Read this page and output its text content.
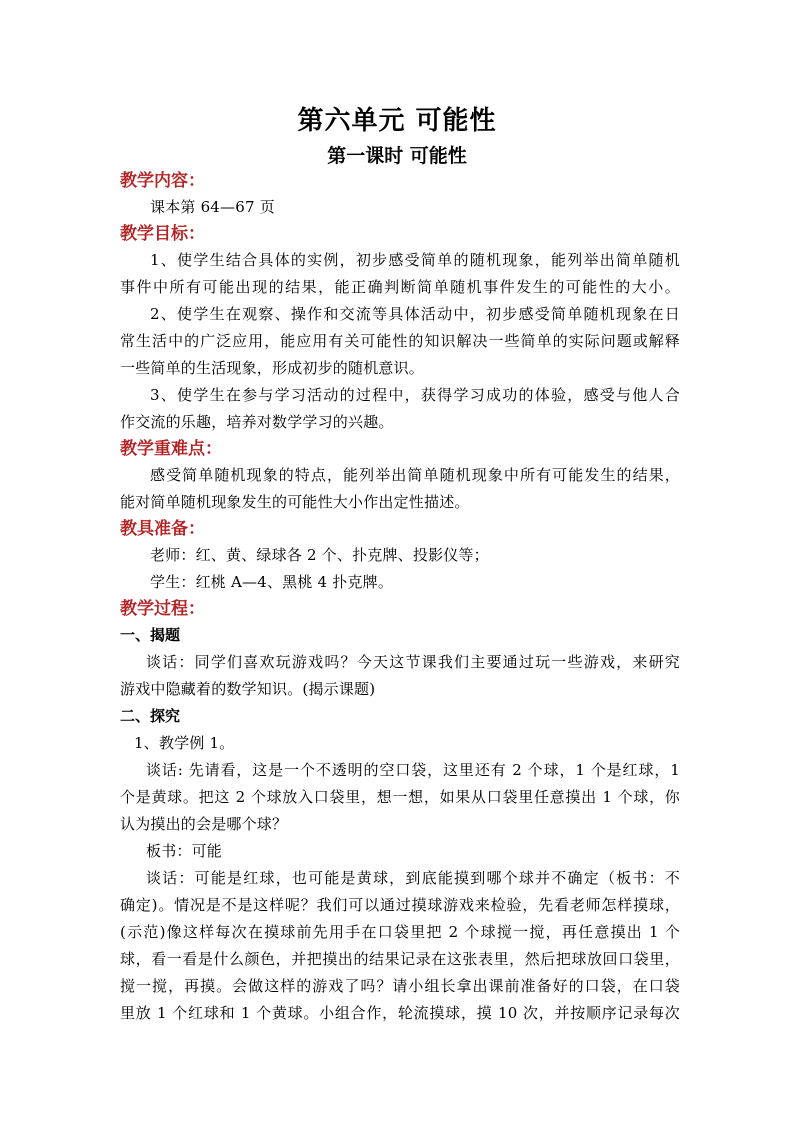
第六单元 可能性
第一课时 可能性
教学内容：
课本第 64—67 页
教学目标：
1、使学生结合具体的实例，初步感受简单的随机现象，能列举出简单随机
事件中所有可能出现的结果，能正确判断简单随机事件发生的可能性的大小。
2、使学生在观察、操作和交流等具体活动中，初步感受简单随机现象在日
常生活中的广泛应用，能应用有关可能性的知识解决一些简单的实际问题或解释
一些简单的生活现象，形成初步的随机意识。
3、使学生在参与学习活动的过程中，获得学习成功的体验，感受与他人合
作交流的乐趣，培养对数学学习的兴趣。
教学重难点：
感受简单随机现象的特点，能列举出简单随机现象中所有可能发生的结果，
能对简单随机现象发生的可能性大小作出定性描述。
教具准备：
老师：红、黄、绿球各 2 个、扑克牌、投影仪等；
学生：红桃 A—4、黑桃 4 扑克牌。
教学过程：
一、揭题
谈话：同学们喜欢玩游戏吗？今天这节课我们主要通过玩一些游戏，来研究
游戏中隐藏着的数学知识。(揭示课题)
二、探究
1、教学例 1。
谈话: 先请看，这是一个不透明的空口袋，这里还有 2 个球，1 个是红球，1
个是黄球。把这 2 个球放入口袋里，想一想，如果从口袋里任意摸出 1 个球，你
认为摸出的会是哪个球？
板书：可能
谈话：可能是红球，也可能是黄球，到底能摸到哪个球并不确定（板书：不
确定)。情况是不是这样呢？我们可以通过摸球游戏来检验，先看老师怎样摸球，
(示范)像这样每次在摸球前先用手在口袋里把 2 个球搅一搅，再任意摸出 1 个
球，看一看是什么颜色，并把摸出的结果记录在这张表里，然后把球放回口袋里，
搅一搅，再摸。会做这样的游戏了吗？请小组长拿出课前准备好的口袋，在口袋
里放 1 个红球和 1 个黄球。小组合作，轮流摸球，摸 10 次，并按顺序记录每次
